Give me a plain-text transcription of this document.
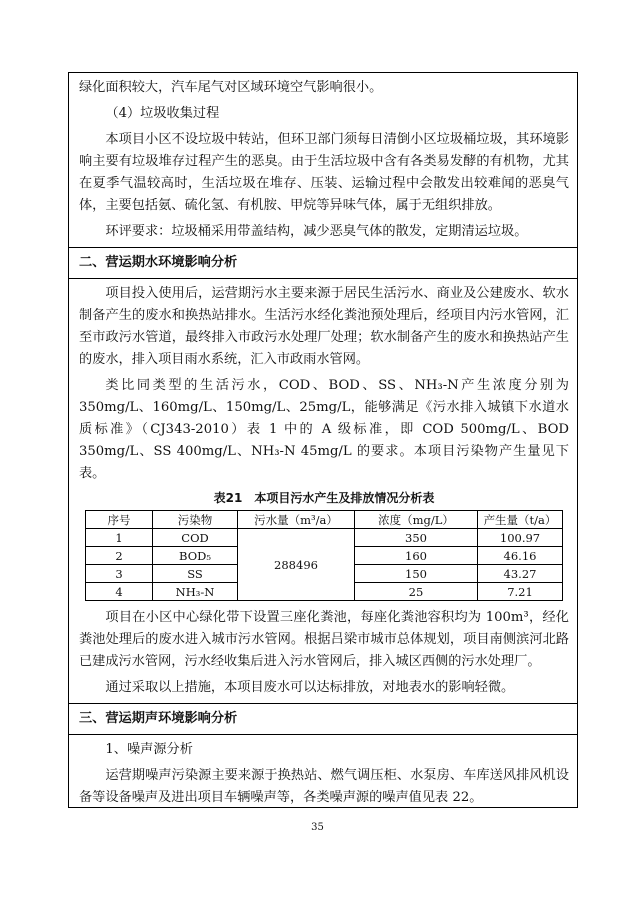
绿化面积较大，汽车尾气对区域环境空气影响很小。

（4）垃圾收集过程

本项目小区不设垃圾中转站，但环卫部门须每日清倒小区垃圾桶垃圾，其环境影响主要有垃圾堆存过程产生的恶臭。由于生活垃圾中含有各类易发酵的有机物，尤其在夏季气温较高时，生活垃圾在堆存、压装、运输过程中会散发出较难闻的恶臭气体，主要包括氨、硫化氢、有机胺、甲烷等异味气体，属于无组织排放。

环评要求：垃圾桶采用带盖结构，减少恶臭气体的散发，定期清运垃圾。

二、营运期水环境影响分析

项目投入使用后，运营期污水主要来源于居民生活污水、商业及公建废水、软水制备产生的废水和换热站排水。生活污水经化粪池预处理后，经项目内污水管网，汇至市政污水管道，最终排入市政污水处理厂处理；软水制备产生的废水和换热站产生的废水，排入项目雨水系统，汇入市政雨水管网。

类比同类型的生活污水，COD、BOD、SS、NH₃-N产生浓度分别为350mg/L、160mg/L、150mg/L、25mg/L，能够满足《污水排入城镇下水道水质标准》（CJ343-2010）表 1 中的 A 级标准，即 COD 500mg/L、BOD 350mg/L、SS 400mg/L、NH₃-N 45mg/L 的要求。本项目污染物产生量见下表。

表21　本项目污水产生及排放情况分析表
序号	污染物	污水量（m³/a）	浓度（mg/L）	产生量（t/a）
1	COD	288496	350	100.97
2	BOD₅		160	46.16
3	SS		150	43.27
4	NH₃-N		25	7.21

项目在小区中心绿化带下设置三座化粪池，每座化粪池容积均为 100m³，经化粪池处理后的废水进入城市污水管网。根据吕梁市城市总体规划，项目南侧滨河北路已建成污水管网，污水经收集后进入污水管网后，排入城区西侧的污水处理厂。

通过采取以上措施，本项目废水可以达标排放，对地表水的影响轻微。

三、营运期声环境影响分析

1、噪声源分析

运营期噪声污染源主要来源于换热站、燃气调压柜、水泵房、车库送风排风机设备等设备噪声及进出项目车辆噪声等，各类噪声源的噪声值见表 22。

35
